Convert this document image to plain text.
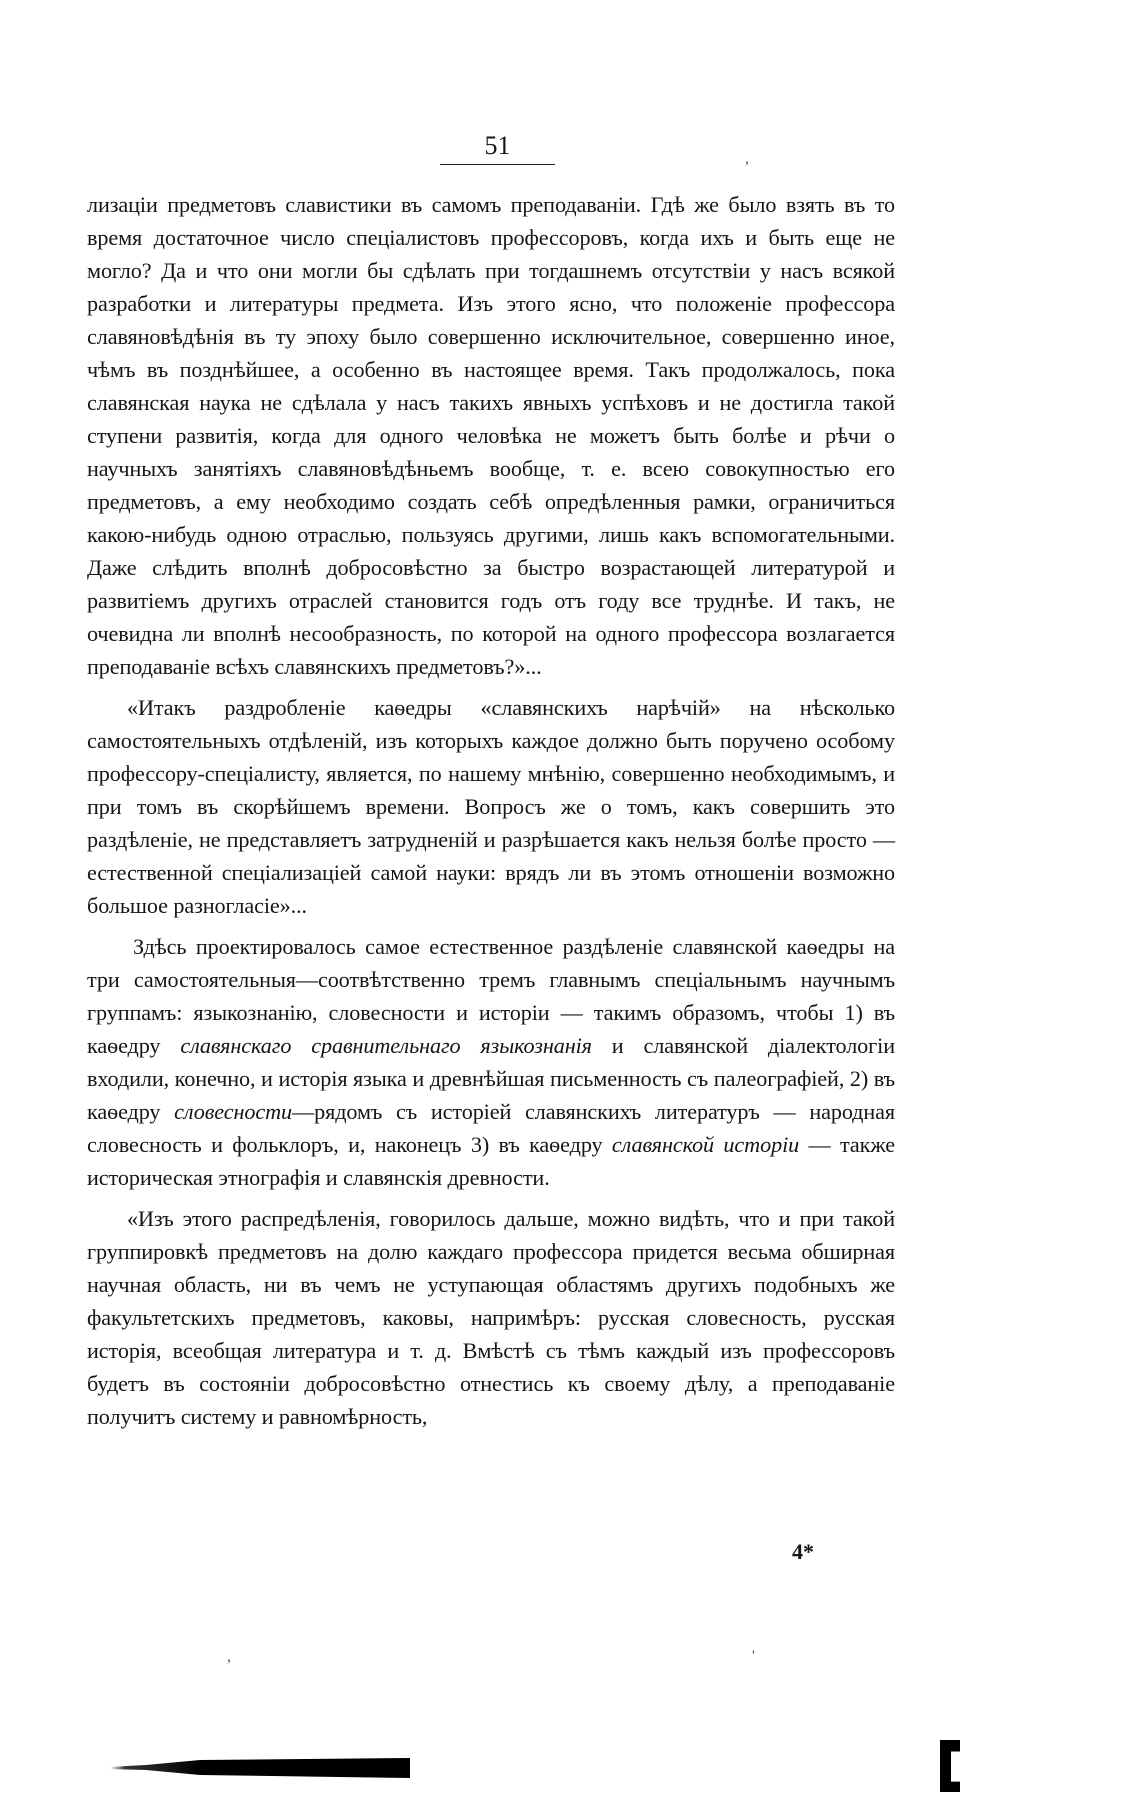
51	,

лизаціи предметовъ славистики въ самомъ преподаваніи. Гдѣ же было взять въ то время достаточное число спеціалистовъ профессоровъ, когда ихъ и быть еще не могло? Да и что они могли бы сдѣлать при тогдашнемъ отсутствіи у насъ всякой разработки и литературы предмета. Изъ этого ясно, что положеніе профессора славяновѣдѣнія въ ту эпоху было совершенно исключительное, совершенно иное, чѣмъ въ позднѣйшее, а особенно въ настоящее время. Такъ продолжалось, пока славянская наука не сдѣлала у насъ такихъ явныхъ успѣховъ и не достигла такой ступени развитія, когда для одного человѣка не можетъ быть болѣе и рѣчи о научныхъ занятіяхъ славяновѣдѣньемъ вообще, т. е. всею совокупностью его предметовъ, а ему необходимо создать себѣ опредѣленныя рамки, ограничиться какою-нибудь одною отраслью, пользуясь другими, лишь какъ вспомогательными. Даже слѣдить вполнѣ добросовѣстно за быстро возрастающей литературой и развитіемъ другихъ отраслей становится годъ отъ году все труднѣе. И такъ, не очевидна ли вполнѣ несообразность, по которой на одного профессора возлагается преподаваніе всѣхъ славянскихъ предметовъ?»...

«Итакъ раздробленіе каѳедры «славянскихъ нарѣчій» на нѣсколько самостоятельныхъ отдѣленій, изъ которыхъ каждое должно быть поручено особому профессору-спеціалисту, является, по нашему мнѣнію, совершенно необходимымъ, и при томъ въ скорѣйшемъ времени. Вопросъ же о томъ, какъ совершить это раздѣленіе, не представляетъ затрудненій и разрѣшается какъ нельзя болѣе просто — естественной спеціализаціей самой науки: врядъ ли въ этомъ отношеніи возможно большое разногласіе»...

Здѣсь проектировалось самое естественное раздѣленіе славянской каѳедры на три самостоятельныя—соотвѣтственно тремъ главнымъ спеціальнымъ научнымъ группамъ: языкознанію, словесности и исторіи — такимъ образомъ, чтобы 1) въ каѳедру славянскаго сравнительнаго языкознанія и славянской діалектологіи входили, конечно, и исторія языка и древнѣйшая письменность съ палеографіей, 2) въ каѳедру словесности—рядомъ съ исторіей славянскихъ литературъ — народная словесность и фольклоръ, и, наконецъ 3) въ каѳедру славянской исторіи — также историческая этнографія и славянскія древности.

«Изъ этого распредѣленія, говорилось дальше, можно видѣть, что и при такой группировкѣ предметовъ на долю каждаго профессора придется весьма обширная научная область, ни въ чемъ не уступающая областямъ другихъ подобныхъ же факультетскихъ предметовъ, каковы, напримѣръ: русская словесность, русская исторія, всеобщая литература и т. д. Вмѣстѣ съ тѣмъ каждый изъ профессоровъ будетъ въ состояніи добросовѣстно отнестись къ своему дѣлу, а преподаваніе получитъ систему и равномѣрность,

4*
,	'
